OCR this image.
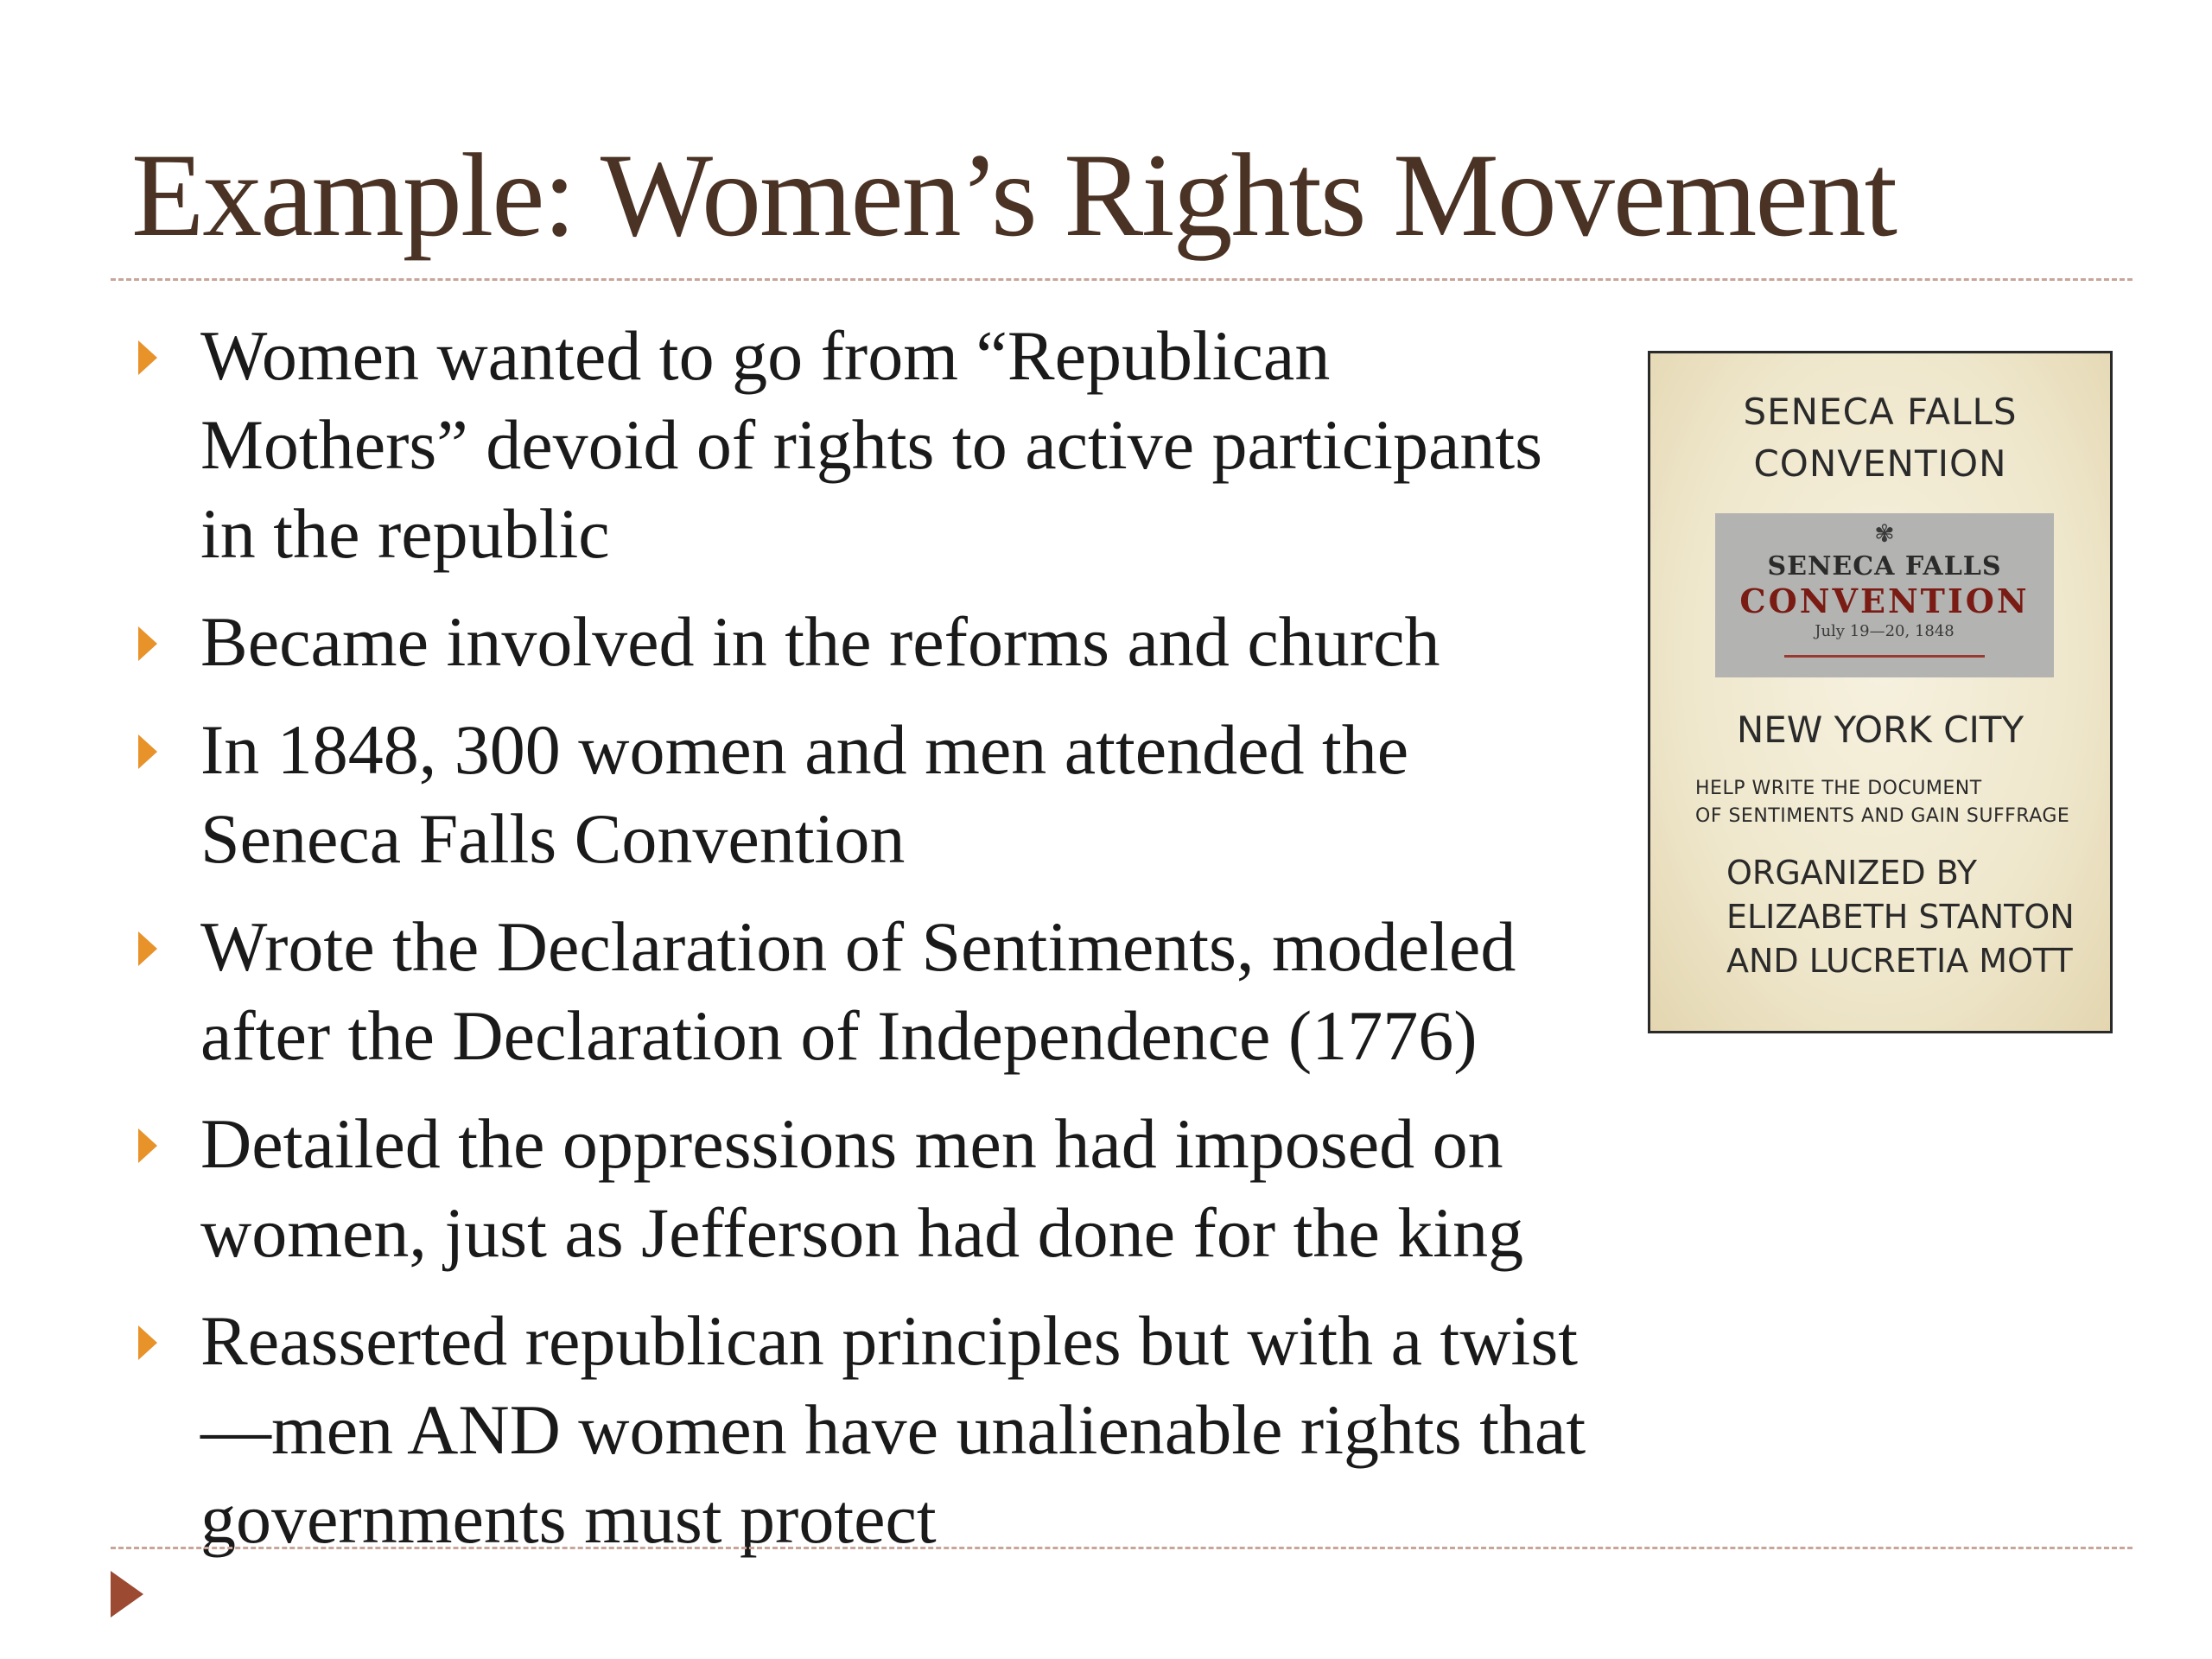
Example: Women’s Rights Movement
Women wanted to go from “Republican Mothers” devoid of rights to active participants in the republic
Became involved in the reforms and church
In 1848, 300 women and men attended the Seneca Falls Convention
Wrote the Declaration of Sentiments, modeled after the Declaration of Independence (1776)
Detailed the oppressions men had imposed on women, just as Jefferson had done for the king
Reasserted republican principles but with a twist—men AND women have unalienable rights that governments must protect
SENECA FALLS
CONVENTION
✾
SENECA FALLS
CONVENTION
July 19—20, 1848
NEW YORK CITY
HELP WRITE THE DOCUMENT
OF SENTIMENTS AND GAIN SUFFRAGE
ORGANIZED BY
ELIZABETH STANTON
AND LUCRETIA MOTT
